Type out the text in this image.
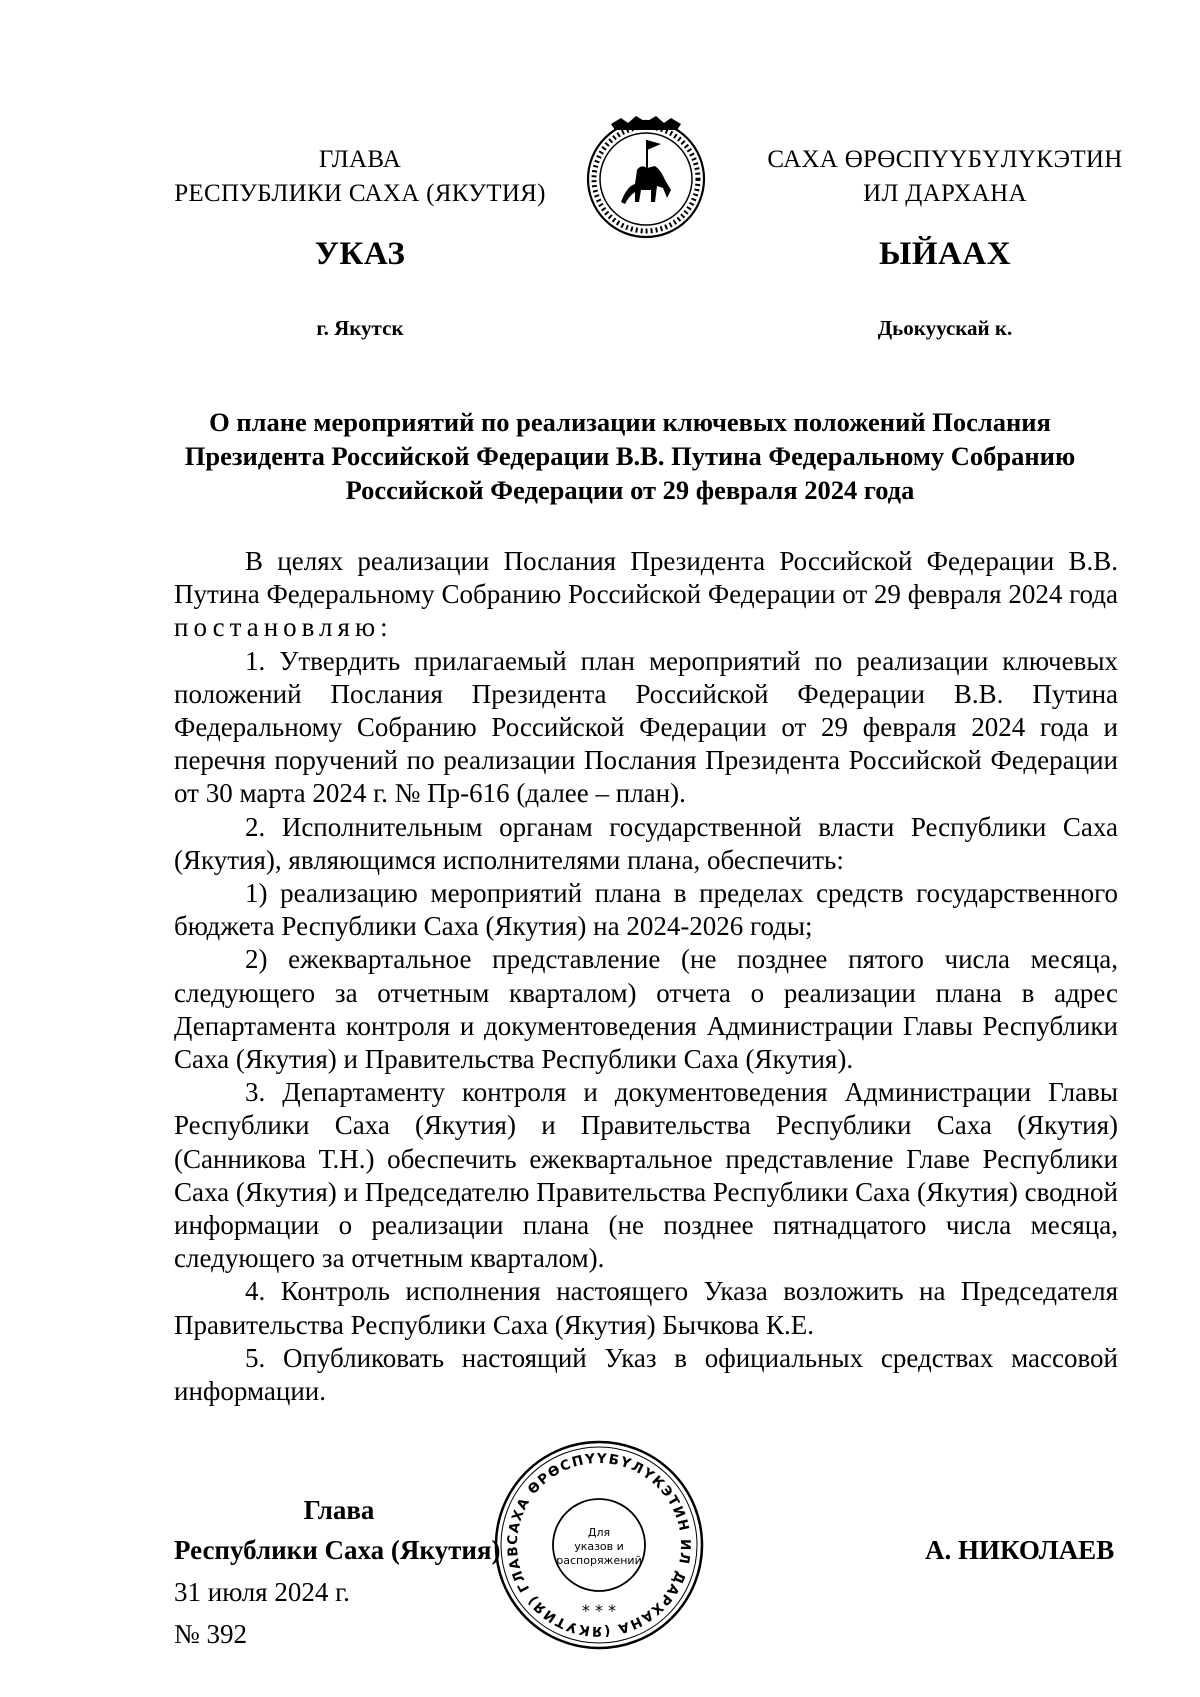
ГЛАВА
РЕСПУБЛИКИ САХА (ЯКУТИЯ)
САХА ӨРӨСПҮҮБҮЛҮКЭТИН
ИЛ ДАРХАНА
УКАЗ	ЫЙААХ
г. Якутск	Дьокуускай к.
О плане мероприятий по реализации ключевых положений Послания
Президента Российской Федерации В.В. Путина Федеральному Собранию
Российской Федерации от 29 февраля 2024 года

В целях реализации Послания Президента Российской Федерации В.В. Путина Федеральному Собранию Российской Федерации от 29 февраля 2024 года постановляю:

1. Утвердить прилагаемый план мероприятий по реализации ключевых положений Послания Президента Российской Федерации В.В. Путина Федеральному Собранию Российской Федерации от 29 февраля 2024 года и перечня поручений по реализации Послания Президента Российской Федерации от 30 марта 2024 г. № Пр-616 (далее – план).

2. Исполнительным органам государственной власти Республики Саха (Якутия), являющимся исполнителями плана, обеспечить:

1) реализацию мероприятий плана в пределах средств государственного бюджета Республики Саха (Якутия) на 2024-2026 годы;

2) ежеквартальное представление (не позднее пятого числа месяца, следующего за отчетным кварталом) отчета о реализации плана в адрес Департамента контроля и документоведения Администрации Главы Республики Саха (Якутия) и Правительства Республики Саха (Якутия).

3. Департаменту контроля и документоведения Администрации Главы Республики Саха (Якутия) и Правительства Республики Саха (Якутия) (Санникова Т.Н.) обеспечить ежеквартальное представление Главе Республики Саха (Якутия) и Председателю Правительства Республики Саха (Якутия) сводной информации о реализации плана (не позднее пятнадцатого числа месяца, следующего за отчетным кварталом).

4. Контроль исполнения настоящего Указа возложить на Председателя Правительства Республики Саха (Якутия) Бычкова К.Е.

5. Опубликовать настоящий Указ в официальных средствах массовой информации.

Глава
Республики Саха (Якутия)	А. НИКОЛАЕВ
31 июля 2024 г.
№ 392
САХА ӨРӨСПҮҮБҮЛҮКЭТИН ИЛ ДАРХАНА (ЯКУТИЯ) ГЛАВ
Для
указов и
распоряжений
* * *
